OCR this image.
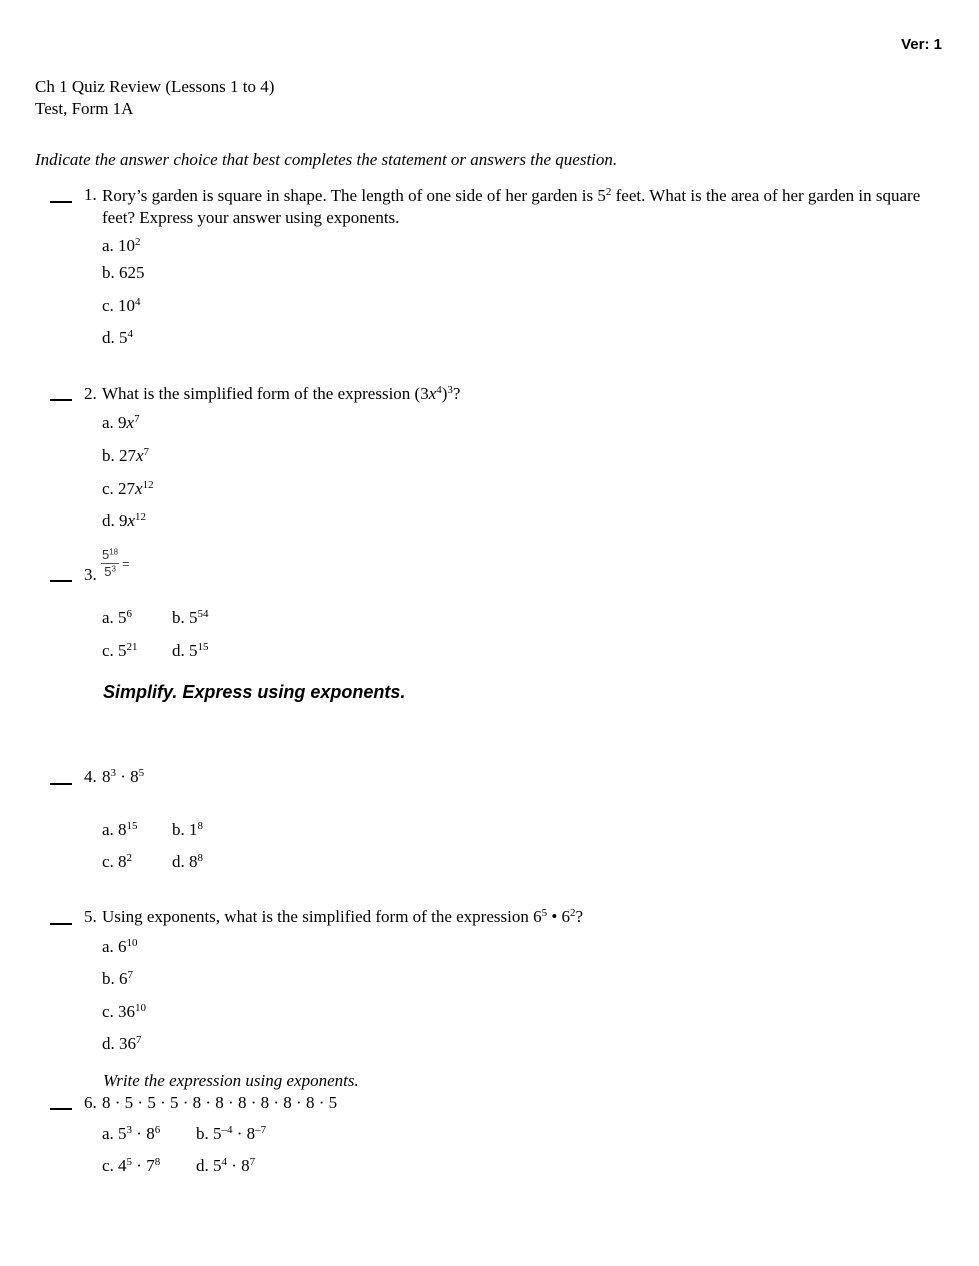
Ver: 1
Ch 1 Quiz Review (Lessons 1 to 4)
Test, Form 1A
Indicate the answer choice that best completes the statement or answers the question.
1. Rory’s garden is square in shape. The length of one side of her garden is $5^2$ feet. What is the area of her garden in square feet? Express your answer using exponents.
a. $10^2$
b. 625
c. $10^4$
d. $5^4$
2. What is the simplified form of the expression $(3x^4)^3$?
a. $9x^7$
b. $27x^7$
c. $27x^{12}$
d. $9x^{12}$
3. $\frac{5^{18}}{5^3}$ =
a. $5^6$ b. $5^{54}$
c. $5^{21}$ d. $5^{15}$
Simplify. Express using exponents.
4. $8^3 \cdot 8^5$
a. $8^{15}$ b. $1^8$
c. $8^2$ d. $8^8$
5. Using exponents, what is the simplified form of the expression $6^5$ • $6^2$?
a. $6^{10}$
b. $6^7$
c. $36^{10}$
d. $36^7$
Write the expression using exponents.
6. 8 · 5 · 5 · 5 · 8 · 8 · 8 · 8 · 8 · 8 · 5
a. $5^3 \cdot 8^6$ b. $5^{-4} \cdot 8^{-7}$
c. $4^5 \cdot 7^8$ d. $5^4 \cdot 8^7$
